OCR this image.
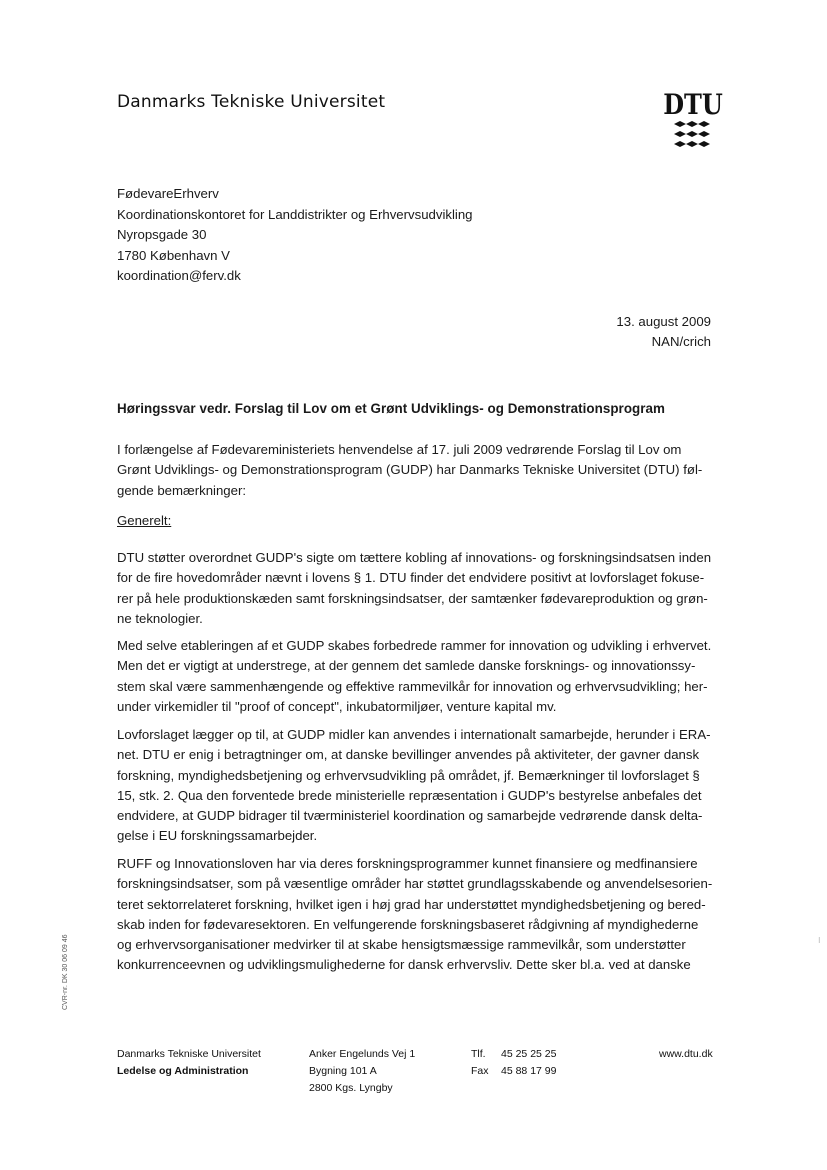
Danmarks Tekniske Universitet	DTU
FødevareErhverv
Koordinationskontoret for Landdistrikter og Erhvervsudvikling
Nyropsgade 30
1780 København V
koordination@ferv.dk
13. august 2009
NAN/crich
Høringssvar vedr. Forslag til Lov om et Grønt Udviklings- og Demonstrationsprogram

I forlængelse af Fødevareministeriets henvendelse af 17. juli 2009 vedrørende Forslag til Lov om
Grønt Udviklings- og Demonstrationsprogram (GUDP) har Danmarks Tekniske Universitet (DTU) føl-
gende bemærkninger:

Generelt:

DTU støtter overordnet GUDP's sigte om tættere kobling af innovations- og forskningsindsatsen inden
for de fire hovedområder nævnt i lovens § 1. DTU finder det endvidere positivt at lovforslaget fokuse-
rer på hele produktionskæden samt forskningsindsatser, der samtænker fødevareproduktion og grøn-
ne teknologier.

Med selve etableringen af et GUDP skabes forbedrede rammer for innovation og udvikling i erhvervet.
Men det er vigtigt at understrege, at der gennem det samlede danske forsknings- og innovationssy-
stem skal være sammenhængende og effektive rammevilkår for innovation og erhvervsudvikling; her-
under virkemidler til "proof of concept", inkubatormiljøer, venture kapital mv.

Lovforslaget lægger op til, at GUDP midler kan anvendes i internationalt samarbejde, herunder i ERA-
net. DTU er enig i betragtninger om, at danske bevillinger anvendes på aktiviteter, der gavner dansk
forskning, myndighedsbetjening og erhvervsudvikling på området, jf. Bemærkninger til lovforslaget §
15, stk. 2. Qua den forventede brede ministerielle repræsentation i GUDP's bestyrelse anbefales det
endvidere, at GUDP bidrager til tværministeriel koordination og samarbejde vedrørende dansk delta-
gelse i EU forskningssamarbejder.

RUFF og Innovationsloven har via deres forskningsprogrammer kunnet finansiere og medfinansiere
forskningsindsatser, som på væsentlige områder har støttet grundlagsskabende og anvendelsesorien-
teret sektorrelateret forskning, hvilket igen i høj grad har understøttet myndighedsbetjening og bered-
skab inden for fødevaresektoren. En velfungerende forskningsbaseret rådgivning af myndighederne
og erhvervsorganisationer medvirker til at skabe hensigtsmæssige rammevilkår, som understøtter
konkurrenceevnen og udviklingsmulighederne for dansk erhvervsliv. Dette sker bl.a. ved at danske

CVR-nr. DK 30 06 09 46	⁝
Danmarks Tekniske Universitet
Ledelse og Administration
Anker Engelunds Vej 1
Bygning 101 A
2800 Kgs. Lyngby
Tlf. 45 25 25 25
Fax 45 88 17 99
www.dtu.dk
